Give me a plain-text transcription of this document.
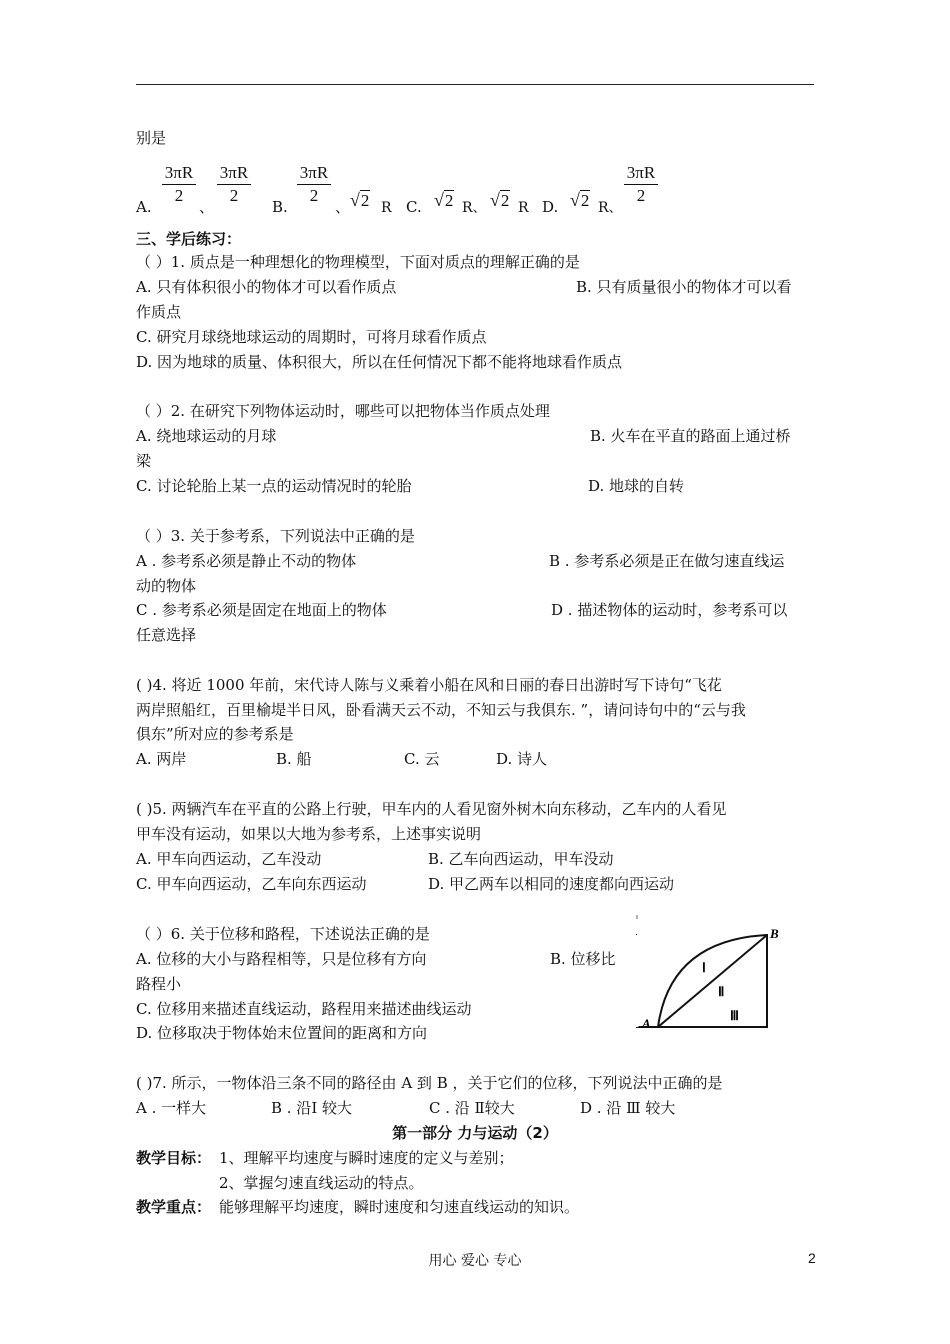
别是
A. $\frac{3\pi R}{2}$ 、 $\frac{3\pi R}{2} B$. $\frac{3\pi R}{2}$ 、 √2 R C. √2 R、 √2 R D. √2 R、
$\frac{3\pi R}{2}$
三、学后练习：
（ ）1. 质点是一种理想化的物理模型，下面对质点的理解正确的是
A. 只有体积很小的物体才可以看作质点	B. 只有质量很小的物体才可以看
作质点
C. 研究月球绕地球运动的周期时，可将月球看作质点
D. 因为地球的质量、体积很大，所以在任何情况下都不能将地球看作质点
（ ）2. 在研究下列物体运动时，哪些可以把物体当作质点处理
A. 绕地球运动的月球	B. 火车在平直的路面上通过桥
梁
C. 讨论轮胎上某一点的运动情况时的轮胎	D. 地球的自转
（ ）3. 关于参考系，下列说法中正确的是
A . 参考系必须是静止不动的物体	B . 参考系必须是正在做匀速直线运
动的物体
C . 参考系必须是固定在地面上的物体	D . 描述物体的运动时，参考系可以
任意选择
( )4. 将近 1000 年前，宋代诗人陈与义乘着小船在风和日丽的春日出游时写下诗句“飞花
两岸照船红，百里榆堤半日风，卧看满天云不动，不知云与我俱东. ”，请问诗句中的“云与我
俱东”所对应的参考系是
A. 两岸	B. 船	C. 云	D. 诗人
( )5. 两辆汽车在平直的公路上行驶，甲车内的人看见窗外树木向东移动，乙车内的人看见
甲车没有运动，如果以大地为参考系，上述事实说明
A. 甲车向西运动，乙车没动	B. 乙车向西运动，甲车没动
C. 甲车向西运动，乙车向东西运动	D. 甲乙两车以相同的速度都向西运动
（ ）6. 关于位移和路程，下述说法正确的是
A. 位移的大小与路程相等，只是位移有方向	B. 位移比
路程小
C. 位移用来描述直线运动，路程用来描述曲线运动
D. 位移取决于物体始末位置间的距离和方向
A
B
Ⅰ
Ⅱ
Ⅲ
( )7. 所示，一物体沿三条不同的路径由 A 到 B ，关于它们的位移，下列说法中正确的是
A . 一样大	B . 沿Ⅰ 较大	C . 沿 Ⅱ较大	D . 沿 Ⅲ 较大
第一部分 力与运动（2）
教学目标： 1、理解平均速度与瞬时速度的定义与差别；
2、掌握匀速直线运动的特点。
教学重点： 能够理解平均速度，瞬时速度和匀速直线运动的知识。
用心 爱心 专心	2
